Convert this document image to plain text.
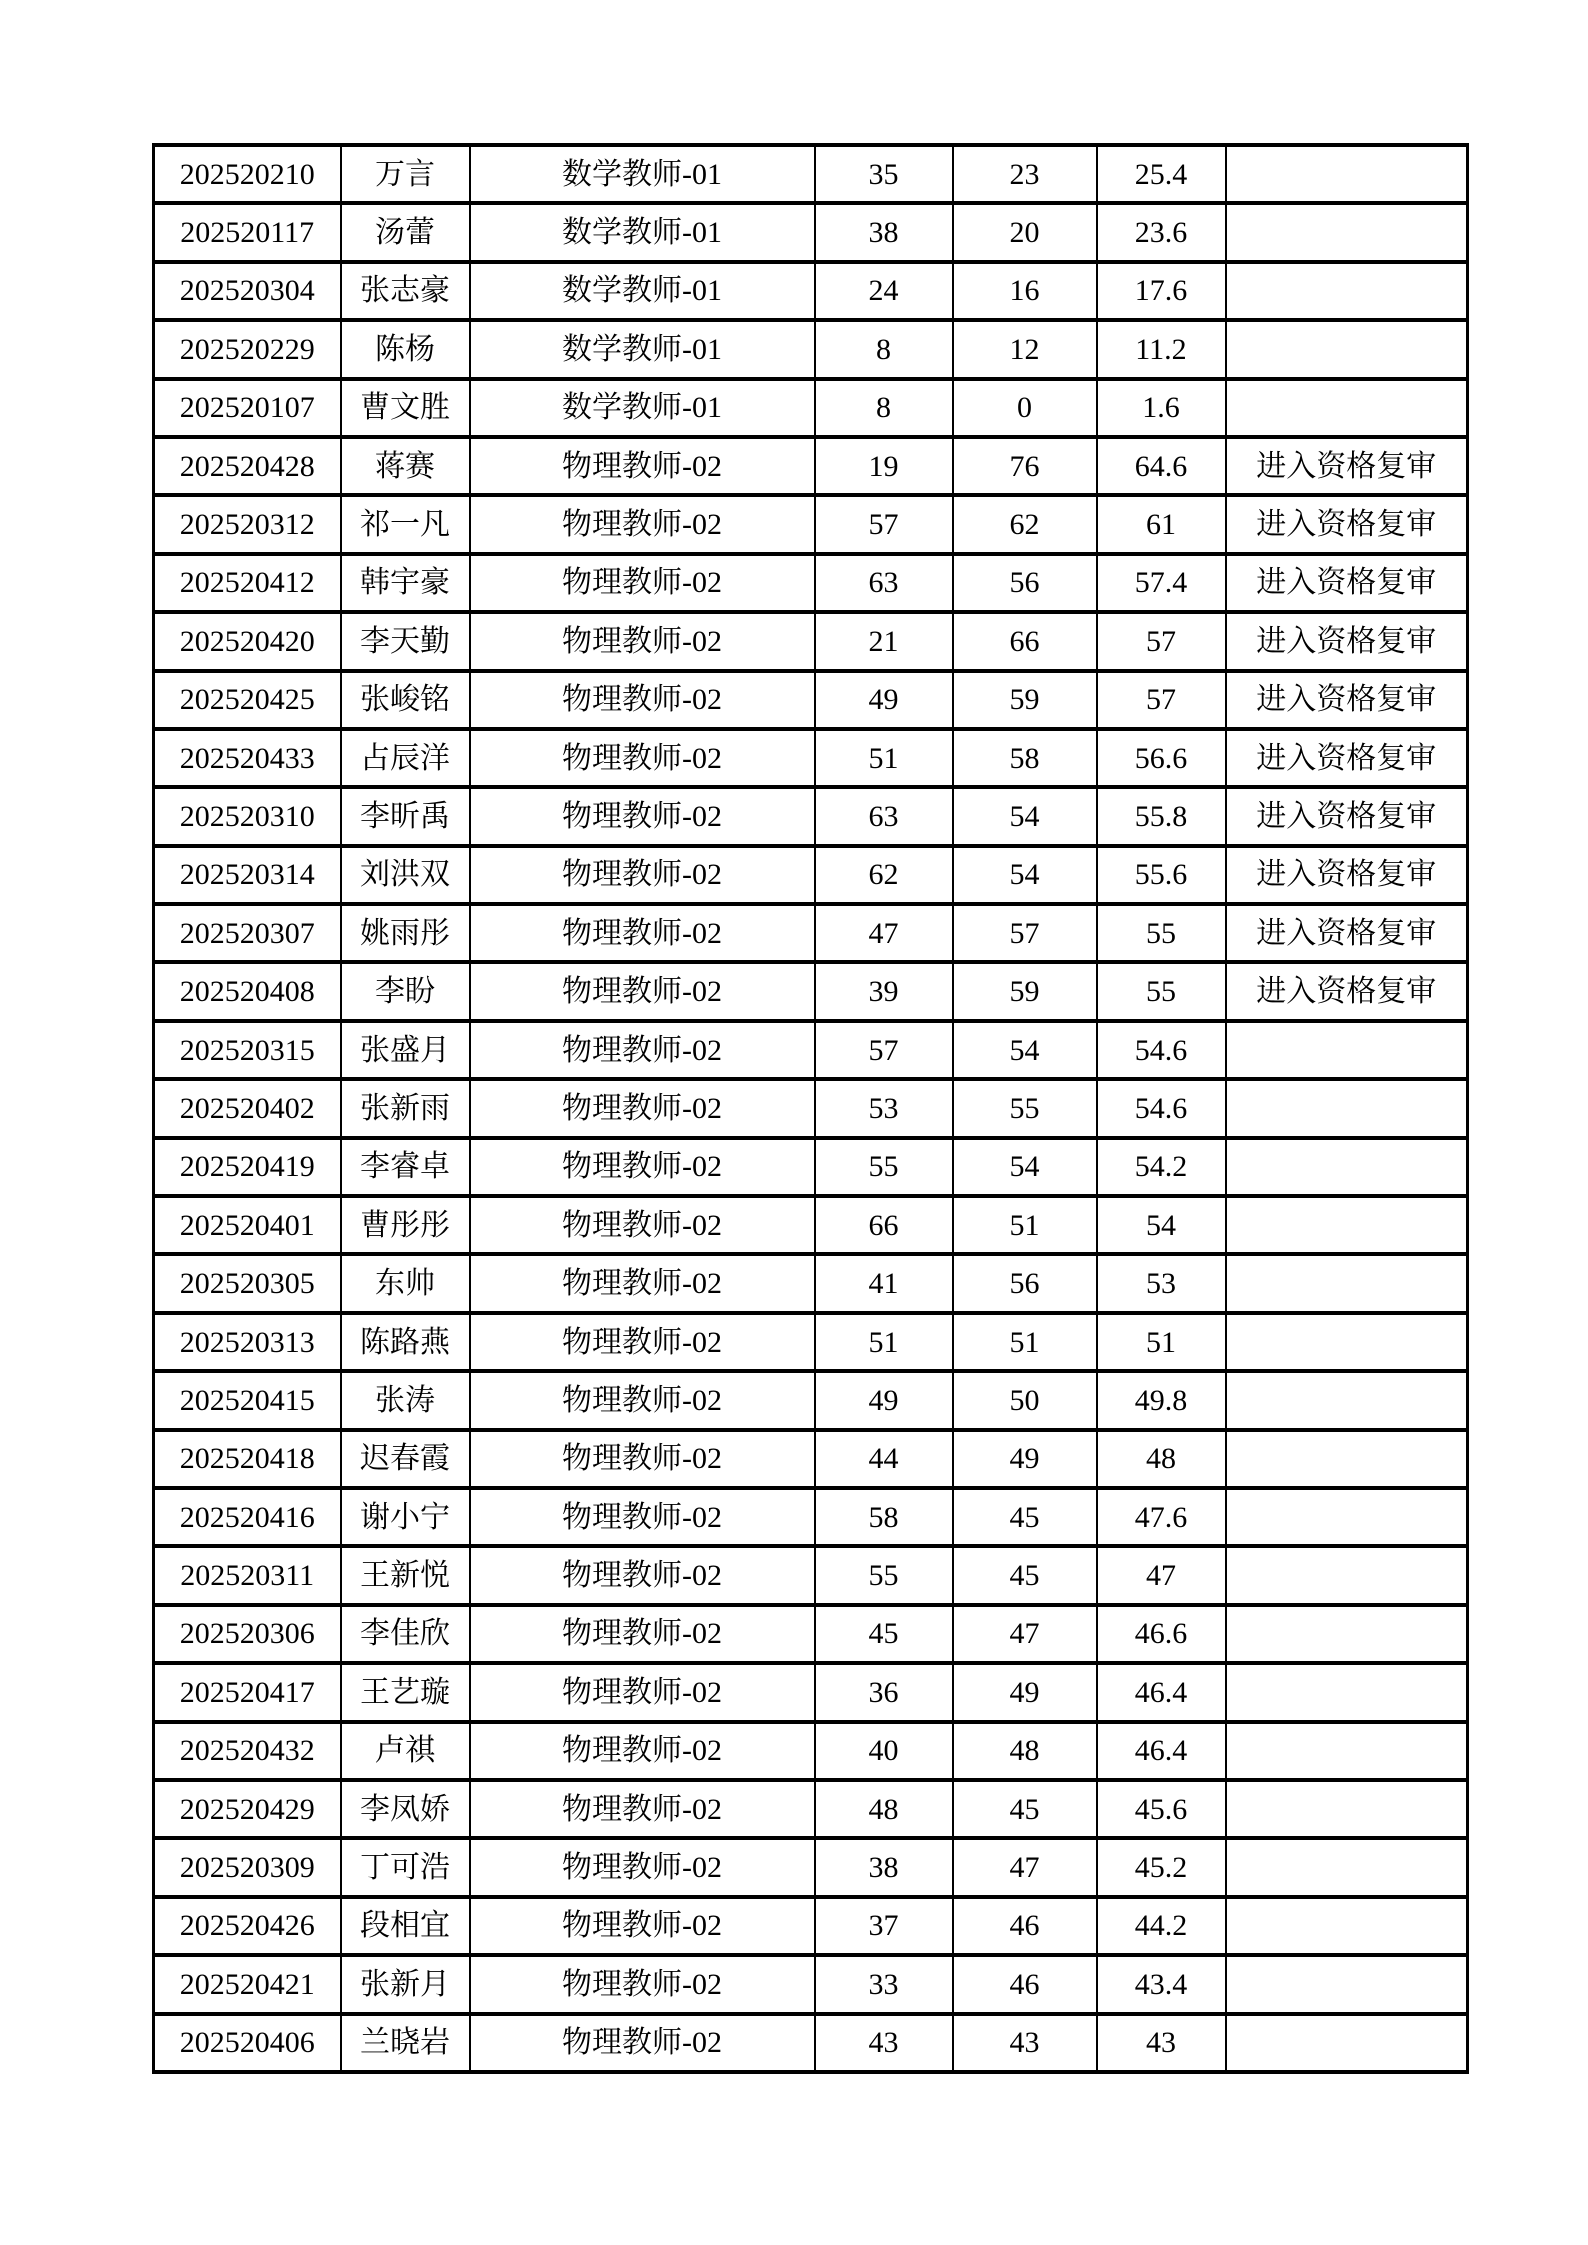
202520210	万言	数学教师-01	35	23	25.4	
202520117	汤蕾	数学教师-01	38	20	23.6	
202520304	张志豪	数学教师-01	24	16	17.6	
202520229	陈杨	数学教师-01	8	12	11.2	
202520107	曹文胜	数学教师-01	8	0	1.6	
202520428	蒋赛	物理教师-02	19	76	64.6	进入资格复审
202520312	祁一凡	物理教师-02	57	62	61	进入资格复审
202520412	韩宇豪	物理教师-02	63	56	57.4	进入资格复审
202520420	李天勤	物理教师-02	21	66	57	进入资格复审
202520425	张峻铭	物理教师-02	49	59	57	进入资格复审
202520433	占辰洋	物理教师-02	51	58	56.6	进入资格复审
202520310	李昕禹	物理教师-02	63	54	55.8	进入资格复审
202520314	刘洪双	物理教师-02	62	54	55.6	进入资格复审
202520307	姚雨彤	物理教师-02	47	57	55	进入资格复审
202520408	李盼	物理教师-02	39	59	55	进入资格复审
202520315	张盛月	物理教师-02	57	54	54.6	
202520402	张新雨	物理教师-02	53	55	54.6	
202520419	李睿卓	物理教师-02	55	54	54.2	
202520401	曹彤彤	物理教师-02	66	51	54	
202520305	东帅	物理教师-02	41	56	53	
202520313	陈路燕	物理教师-02	51	51	51	
202520415	张涛	物理教师-02	49	50	49.8	
202520418	迟春霞	物理教师-02	44	49	48	
202520416	谢小宁	物理教师-02	58	45	47.6	
202520311	王新悦	物理教师-02	55	45	47	
202520306	李佳欣	物理教师-02	45	47	46.6	
202520417	王艺璇	物理教师-02	36	49	46.4	
202520432	卢祺	物理教师-02	40	48	46.4	
202520429	李凤娇	物理教师-02	48	45	45.6	
202520309	丁可浩	物理教师-02	38	47	45.2	
202520426	段相宜	物理教师-02	37	46	44.2	
202520421	张新月	物理教师-02	33	46	43.4	
202520406	兰晓岩	物理教师-02	43	43	43	
